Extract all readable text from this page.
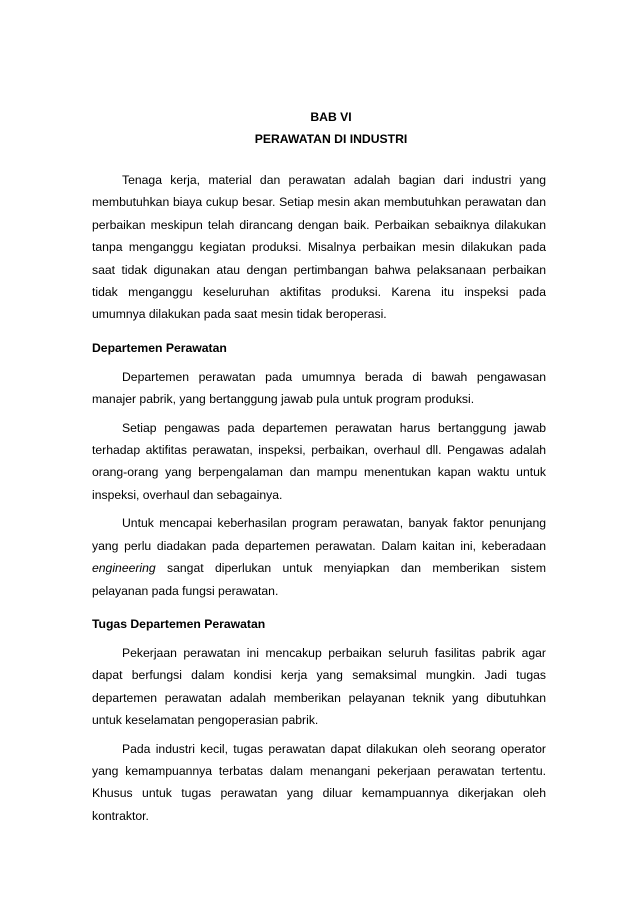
BAB VI
PERAWATAN DI INDUSTRI

Tenaga kerja, material dan perawatan adalah bagian dari industri yang membutuhkan biaya cukup besar. Setiap mesin akan membutuhkan perawatan dan perbaikan meskipun telah dirancang dengan baik. Perbaikan sebaiknya dilakukan tanpa menganggu kegiatan produksi. Misalnya perbaikan mesin dilakukan pada saat tidak digunakan atau dengan pertimbangan bahwa pelaksanaan perbaikan tidak menganggu keseluruhan aktifitas produksi. Karena itu inspeksi pada umumnya dilakukan pada saat mesin tidak beroperasi.

Departemen Perawatan

Departemen perawatan pada umumnya berada di bawah pengawasan manajer pabrik, yang bertanggung jawab pula untuk program produksi.

Setiap pengawas pada departemen perawatan harus bertanggung jawab terhadap aktifitas perawatan, inspeksi, perbaikan, overhaul dll. Pengawas adalah orang-orang yang berpengalaman dan mampu menentukan kapan waktu untuk inspeksi, overhaul dan sebagainya.

Untuk mencapai keberhasilan program perawatan, banyak faktor penunjang yang perlu diadakan pada departemen perawatan. Dalam kaitan ini, keberadaan engineering sangat diperlukan untuk menyiapkan dan memberikan sistem pelayanan pada fungsi perawatan.

Tugas Departemen Perawatan

Pekerjaan perawatan ini mencakup perbaikan seluruh fasilitas pabrik agar dapat berfungsi dalam kondisi kerja yang semaksimal mungkin. Jadi tugas departemen perawatan adalah memberikan pelayanan teknik yang dibutuhkan untuk keselamatan pengoperasian pabrik.

Pada industri kecil, tugas perawatan dapat dilakukan oleh seorang operator yang kemampuannya terbatas dalam menangani pekerjaan perawatan tertentu. Khusus untuk tugas perawatan yang diluar kemampuannya dikerjakan oleh kontraktor.
